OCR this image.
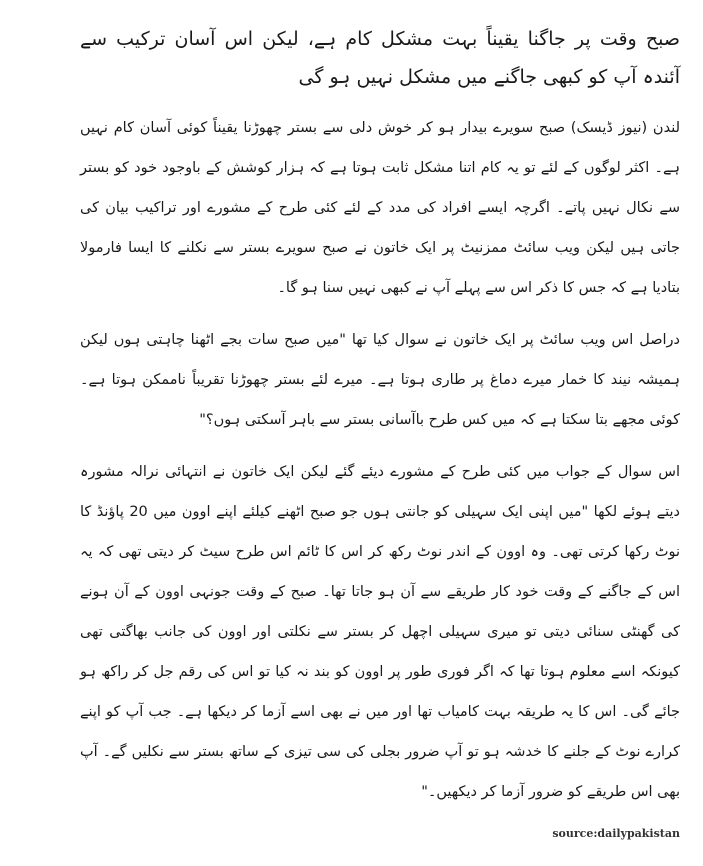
صبح وقت پر جاگنا یقیناً بہت مشکل کام ہے، لیکن اس آسان ترکیب سے آئندہ آپ کو کبھی جاگنے میں مشکل نہیں ہو گی

لندن (نیوز ڈیسک) صبح سویرے بیدار ہو کر خوش دلی سے بستر چھوڑنا یقیناً کوئی آسان کام نہیں ہے۔ اکثر لوگوں کے لئے تو یہ کام اتنا مشکل ثابت ہوتا ہے کہ ہزار کوشش کے باوجود خود کو بستر سے نکال نہیں پاتے۔ اگرچہ ایسے افراد کی مدد کے لئے کئی طرح کے مشورے اور تراکیب بیان کی جاتی ہیں لیکن ویب سائٹ ممزنیٹ پر ایک خاتون نے صبح سویرے بستر سے نکلنے کا ایسا فارمولا بتادیا ہے کہ جس کا ذکر اس سے پہلے آپ نے کبھی نہیں سنا ہو گا۔

دراصل اس ویب سائٹ پر ایک خاتون نے سوال کیا تھا "میں صبح سات بجے اٹھنا چاہتی ہوں لیکن ہمیشہ نیند کا خمار میرے دماغ پر طاری ہوتا ہے۔ میرے لئے بستر چھوڑنا تقریباً ناممکن ہوتا ہے۔ کوئی مجھے بتا سکتا ہے کہ میں کس طرح باآسانی بستر سے باہر آسکتی ہوں؟"

اس سوال کے جواب میں کئی طرح کے مشورے دیئے گئے لیکن ایک خاتون نے انتہائی نرالہ مشورہ دیتے ہوئے لکھا "میں اپنی ایک سہیلی کو جانتی ہوں جو صبح اٹھنے کیلئے اپنے اوون میں 20 پاؤنڈ کا نوٹ رکھا کرتی تھی۔ وہ اوون کے اندر نوٹ رکھ کر اس کا ٹائم اس طرح سیٹ کر دیتی تھی کہ یہ اس کے جاگنے کے وقت خود کار طریقے سے آن ہو جاتا تھا۔ صبح کے وقت جونہی اوون کے آن ہونے کی گھنٹی سنائی دیتی تو میری سہیلی اچھل کر بستر سے نکلتی اور اوون کی جانب بھاگتی تھی کیونکہ اسے معلوم ہوتا تھا کہ اگر فوری طور پر اوون کو بند نہ کیا تو اس کی رقم جل کر راکھ ہو جائے گی۔ اس کا یہ طریقہ بہت کامیاب تھا اور میں نے بھی اسے آزما کر دیکھا ہے۔ جب آپ کو اپنے کرارے نوٹ کے جلنے کا خدشہ ہو تو آپ ضرور بجلی کی سی تیزی کے ساتھ بستر سے نکلیں گے۔ آپ بھی اس طریقے کو ضرور آزما کر دیکھیں۔"

source:dailypakistan
